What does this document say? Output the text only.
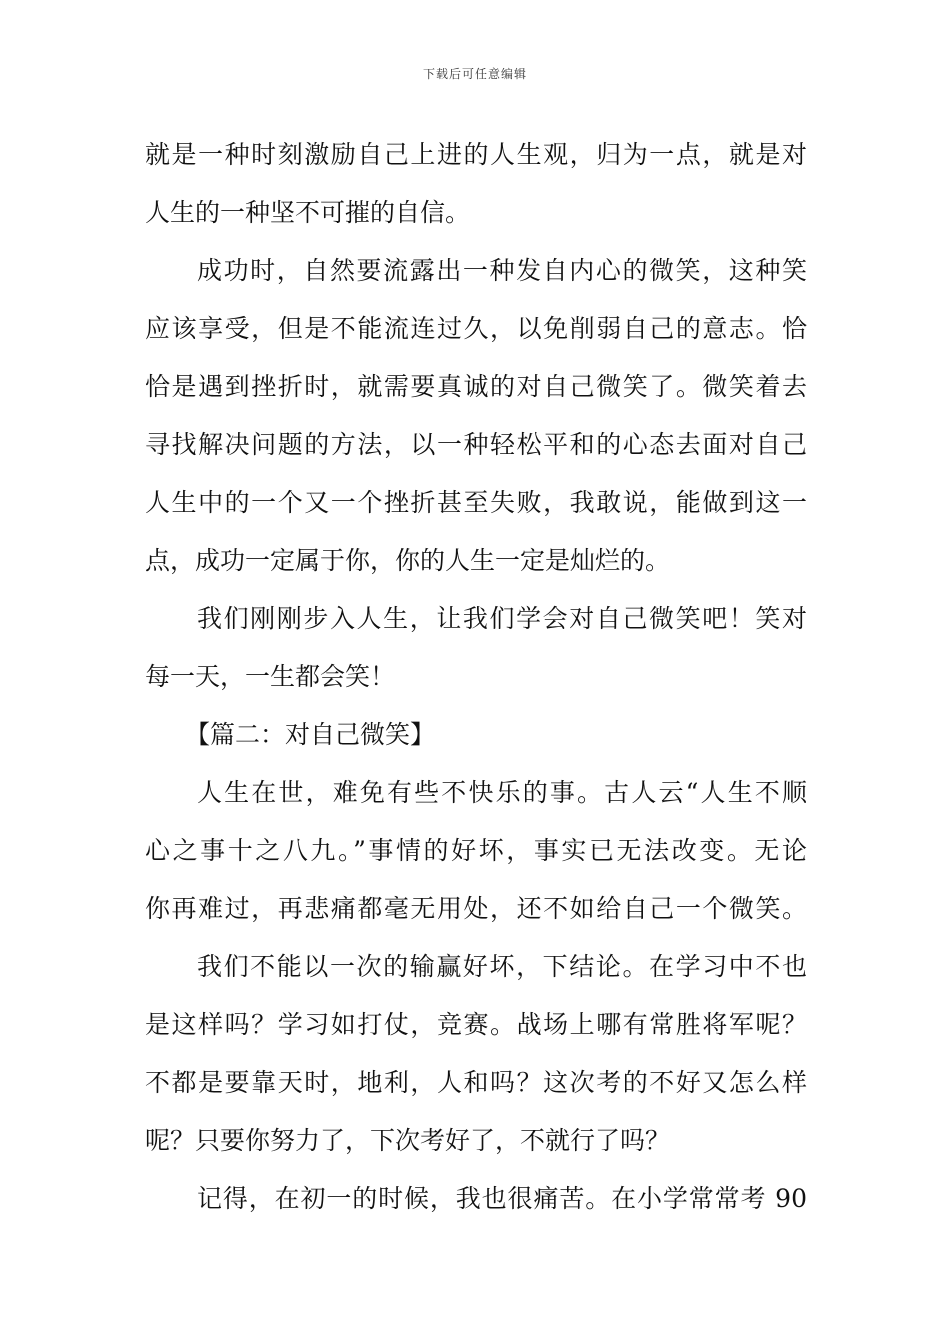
下载后可任意编辑
就是一种时刻激励自己上进的人生观，归为一点，就是对
人生的一种坚不可摧的自信。
成功时，自然要流露出一种发自内心的微笑，这种笑
应该享受，但是不能流连过久，以免削弱自己的意志。恰
恰是遇到挫折时，就需要真诚的对自己微笑了。微笑着去
寻找解决问题的方法，以一种轻松平和的心态去面对自己
人生中的一个又一个挫折甚至失败，我敢说，能做到这一
点，成功一定属于你，你的人生一定是灿烂的。
我们刚刚步入人生，让我们学会对自己微笑吧！笑对
每一天，一生都会笑！
【篇二：对自己微笑】
人生在世，难免有些不快乐的事。古人云“人生不顺
心之事十之八九。”事情的好坏，事实已无法改变。无论
你再难过，再悲痛都毫无用处，还不如给自己一个微笑。
我们不能以一次的输赢好坏，下结论。在学习中不也
是这样吗？学习如打仗，竞赛。战场上哪有常胜将军呢？
不都是要靠天时，地利，人和吗？这次考的不好又怎么样
呢？只要你努力了，下次考好了，不就行了吗？
记得，在初一的时候，我也很痛苦。在小学常常考 90
